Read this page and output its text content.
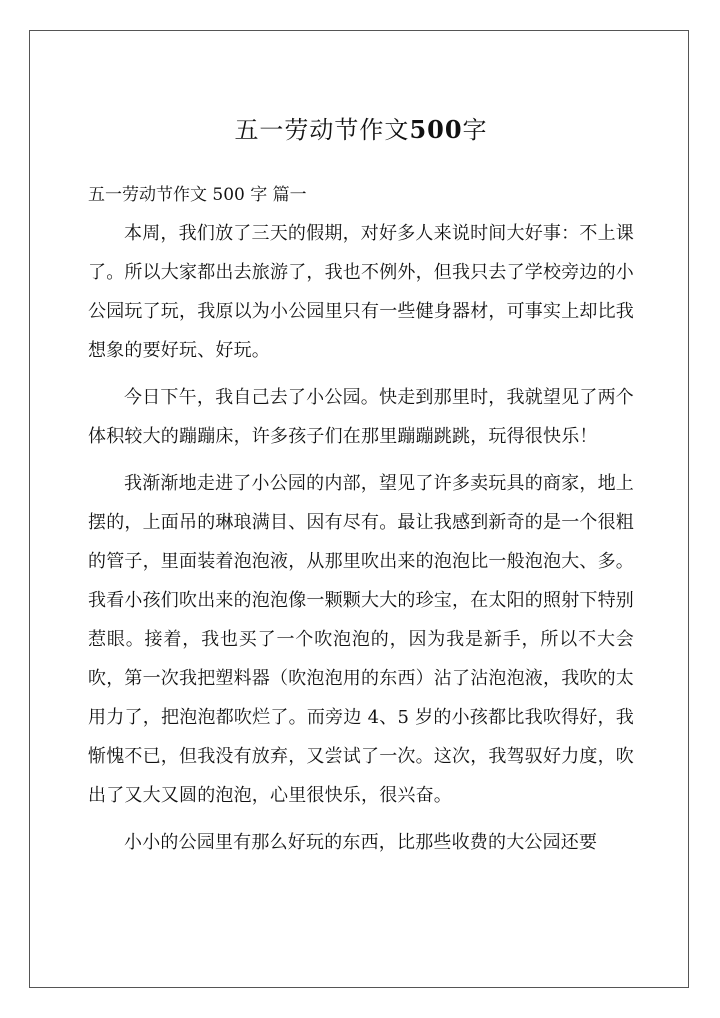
五一劳动节作文500字
五一劳动节作文 500 字 篇一

本周，我们放了三天的假期，对好多人来说时间大好事：不上课了。所以大家都出去旅游了，我也不例外，但我只去了学校旁边的小公园玩了玩，我原以为小公园里只有一些健身器材，可事实上却比我想象的要好玩、好玩。

今日下午，我自己去了小公园。快走到那里时，我就望见了两个体积较大的蹦蹦床，许多孩子们在那里蹦蹦跳跳，玩得很快乐！

我渐渐地走进了小公园的内部，望见了许多卖玩具的商家，地上摆的，上面吊的琳琅满目、因有尽有。最让我感到新奇的是一个很粗的管子，里面装着泡泡液，从那里吹出来的泡泡比一般泡泡大、多。我看小孩们吹出来的泡泡像一颗颗大大的珍宝，在太阳的照射下特别惹眼。接着，我也买了一个吹泡泡的，因为我是新手，所以不大会吹，第一次我把塑料器（吹泡泡用的东西）沾了沾泡泡液，我吹的太用力了，把泡泡都吹烂了。而旁边 4、5 岁的小孩都比我吹得好，我惭愧不已，但我没有放弃，又尝试了一次。这次，我驾驭好力度，吹出了又大又圆的泡泡，心里很快乐，很兴奋。

小小的公园里有那么好玩的东西，比那些收费的大公园还要
